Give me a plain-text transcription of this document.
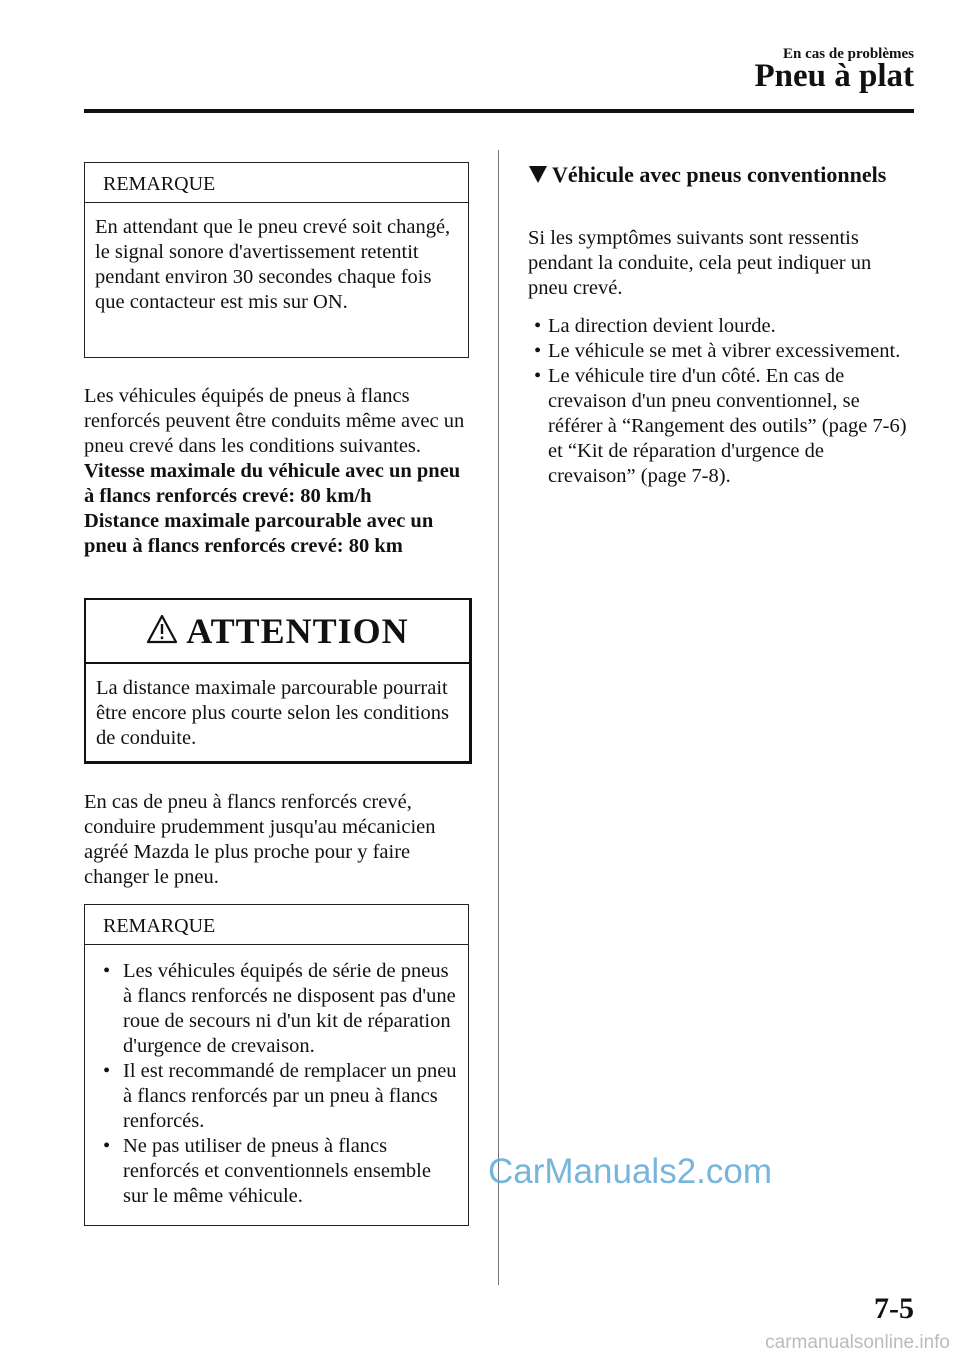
En cas de problèmes
Pneu à plat
REMARQUE
En attendant que le pneu crevé soit changé, le signal sonore d'avertissement retentit pendant environ 30 secondes chaque fois que contacteur est mis sur ON.
Les véhicules équipés de pneus à flancs renforcés peuvent être conduits même avec un pneu crevé dans les conditions suivantes.
Vitesse maximale du véhicule avec un pneu à flancs renforcés crevé: 80 km/h
Distance maximale parcourable avec un pneu à flancs renforcés crevé: 80 km
ATTENTION
La distance maximale parcourable pourrait être encore plus courte selon les conditions de conduite.
En cas de pneu à flancs renforcés crevé, conduire prudemment jusqu'au mécanicien agréé Mazda le plus proche pour y faire changer le pneu.
REMARQUE
• Les véhicules équipés de série de pneus à flancs renforcés ne disposent pas d'une roue de secours ni d'un kit de réparation d'urgence de crevaison.
• Il est recommandé de remplacer un pneu à flancs renforcés par un pneu à flancs renforcés.
• Ne pas utiliser de pneus à flancs renforcés et conventionnels ensemble sur le même véhicule.
Véhicule avec pneus conventionnels
Si les symptômes suivants sont ressentis pendant la conduite, cela peut indiquer un pneu crevé.
• La direction devient lourde.
• Le véhicule se met à vibrer excessivement.
• Le véhicule tire d'un côté. En cas de crevaison d'un pneu conventionnel, se référer à “Rangement des outils” (page 7-6) et “Kit de réparation d'urgence de crevaison” (page 7-8).
CarManuals2.com
7-5
carmanualsonline.info
